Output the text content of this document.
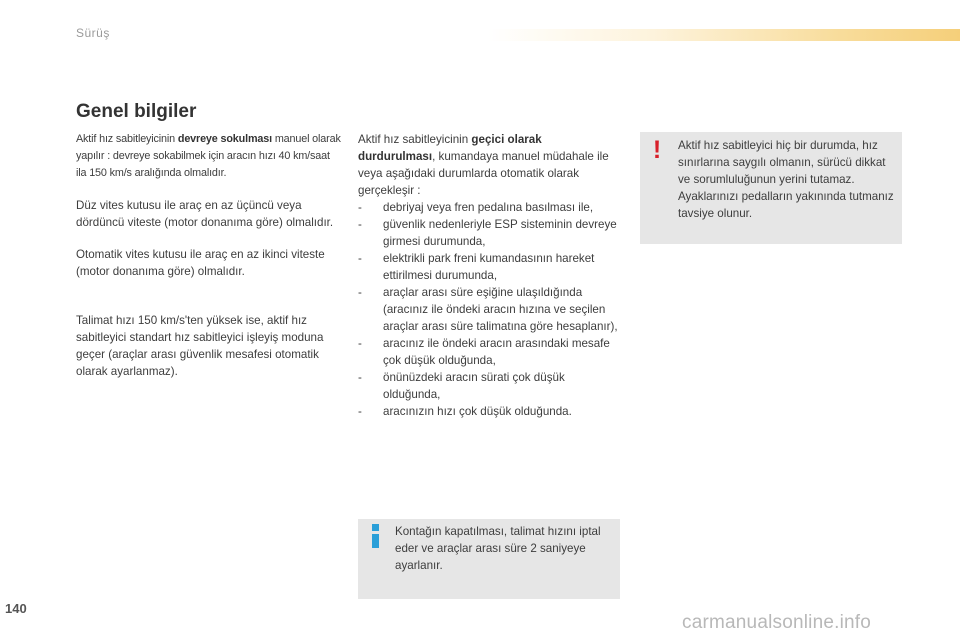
Sürüş
Genel bilgiler

Aktif hız sabitleyicinin devreye sokulması manuel olarak yapılır : devreye sokabilmek için aracın hızı 40 km/saat ila 150 km/s aralığında olmalıdır.

Düz vites kutusu ile araç en az üçüncü veya dördüncü viteste (motor donanıma göre) olmalıdır.

Otomatik vites kutusu ile araç en az ikinci viteste (motor donanıma göre) olmalıdır.

Talimat hızı 150 km/s'ten yüksek ise, aktif hız sabitleyici standart hız sabitleyici işleyiş moduna geçer (araçlar arası güvenlik mesafesi otomatik olarak ayarlanmaz).

Aktif hız sabitleyicinin geçici olarak durdurulması, kumandaya manuel müdahale ile veya aşağıdaki durumlarda otomatik olarak gerçekleşir :

- debriyaj veya fren pedalına basılması ile,
- güvenlik nedenleriyle ESP sisteminin devreye girmesi durumunda,
- elektrikli park freni kumandasının hareket ettirilmesi durumunda,
- araçlar arası süre eşiğine ulaşıldığında (aracınız ile öndeki aracın hızına ve seçilen araçlar arası süre talimatına göre hesaplanır),
- aracınız ile öndeki aracın arasındaki mesafe çok düşük olduğunda,
- önünüzdeki aracın sürati çok düşük olduğunda,
- aracınızın hızı çok düşük olduğunda.
! Aktif hız sabitleyici hiç bir durumda, hız sınırlarına saygılı olmanın, sürücü dikkat ve sorumluluğunun yerini tutamaz.
Ayaklarınızı pedalların yakınında tutmanız tavsiye olunur.

Kontağın kapatılması, talimat hızını iptal eder ve araçlar arası süre 2 saniyeye ayarlanır.

140
carmanualsonline.info
